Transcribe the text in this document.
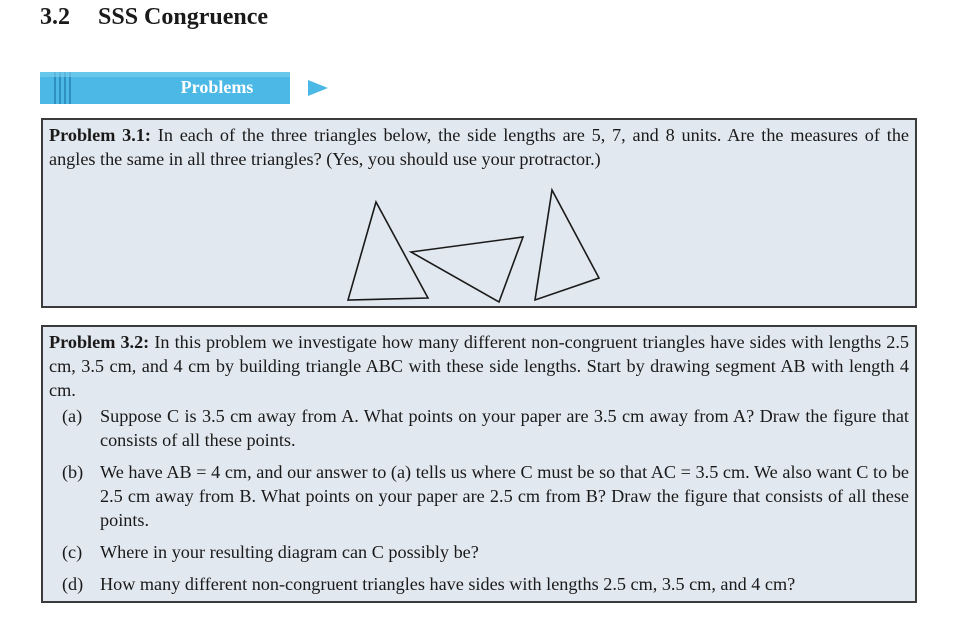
3.2 SSS Congruence
Problems
Problem 3.1: In each of the three triangles below, the side lengths are 5, 7, and 8 units. Are the measures of the angles the same in all three triangles? (Yes, you should use your protractor.)
Problem 3.2: In this problem we investigate how many different non-congruent triangles have sides with lengths 2.5 cm, 3.5 cm, and 4 cm by building triangle ABC with these side lengths. Start by drawing segment AB with length 4 cm.
(a) Suppose C is 3.5 cm away from A. What points on your paper are 3.5 cm away from A? Draw the figure that consists of all these points.
(b) We have AB = 4 cm, and our answer to (a) tells us where C must be so that AC = 3.5 cm. We also want C to be 2.5 cm away from B. What points on your paper are 2.5 cm from B? Draw the figure that consists of all these points.
(c) Where in your resulting diagram can C possibly be?
(d) How many different non-congruent triangles have sides with lengths 2.5 cm, 3.5 cm, and 4 cm?
